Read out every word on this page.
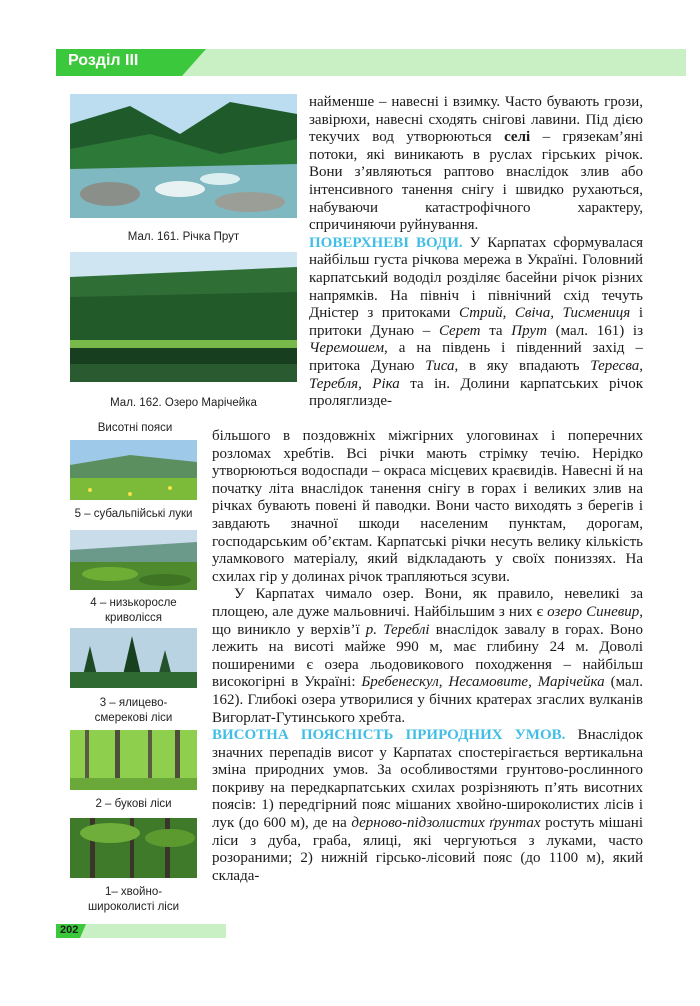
Розділ III
Мал. 161. Річка Прут
Мал. 162. Озеро Марічейка
Висотні пояси
5 – субальпійські луки
4 – низькоросле
криволісся
3 – ялицево-
смерекові ліси
2 – букові ліси
1– хвойно-
широколисті ліси

найменше – навесні і взимку. Часто бувають грози, завірюхи, навесні сходять снігові лавини. Під дією текучих вод утворюються селі – грязекам’яні потоки, які виникають в руслах гірських річок. Вони з’являються раптово внаслідок злив або інтенсивного танення снігу і швидко рухаються, набуваючи катастрофічного характеру, спричиняючи руйнування.

ПОВЕРХНЕВІ ВОДИ. У Карпатах сформувалася найбільш густа річкова мережа в Україні. Головний карпатський вододіл розділяє басейни річок різних напрямків. На північ і північний схід течуть Дністер з притоками Стрий, Свіча, Тисмениця і притоки Дунаю – Серет та Прут (мал. 161) із Черемошем, а на південь і південний захід – притока Дунаю Тиса, в яку впадають Тересва, Теребля, Ріка та ін. Долини карпатських річок проляглизде-

більшого в поздовжніх міжгірних улоговинах і поперечних розломах хребтів. Всі річки мають стрімку течію. Нерідко утворюються водоспади – окраса місцевих краєвидів. Навесні й на початку літа внаслідок танення снігу в горах і великих злив на річках бувають повені й паводки. Вони часто виходять з берегів і завдають значної шкоди населеним пунктам, дорогам, господарським об’єктам. Карпатські річки несуть велику кількість уламкового матеріалу, який відкладають у своїх пониззях. На схилах гір у долинах річок трапляються зсуви.

У Карпатах чимало озер. Вони, як правило, невеликі за площею, але дуже мальовничі. Найбільшим з них є озеро Синевир, що виникло у верхів’ї р. Тереблі внаслідок завалу в горах. Воно лежить на висоті майже 990 м, має глибину 24 м. Доволі поширеними є озера льодовикового походження – найбільш високогірні в Україні: Бребенескул, Несамовите, Марічейка (мал. 162). Глибокі озера утворилися у бічних кратерах згаслих вулканів Вигорлат-Гутинського хребта.

ВИСОТНА ПОЯСНІСТЬ ПРИРОДНИХ УМОВ. Внаслідок значних перепадів висот у Карпатах спостерігається вертикальна зміна природних умов. За особливостями грунтово-рослинного покриву на передкарпатських схилах розрізняють п’ять висотних поясів: 1) передгірний пояс мішаних хвойно-широколистих лісів і лук (до 600 м), де на дерново-підзолистих ґрунтах ростуть мішані ліси з дуба, граба, ялиці, які чергуються з луками, часто розораними; 2) нижній гірсько-лісовий пояс (до 1100 м), який склада-

202
